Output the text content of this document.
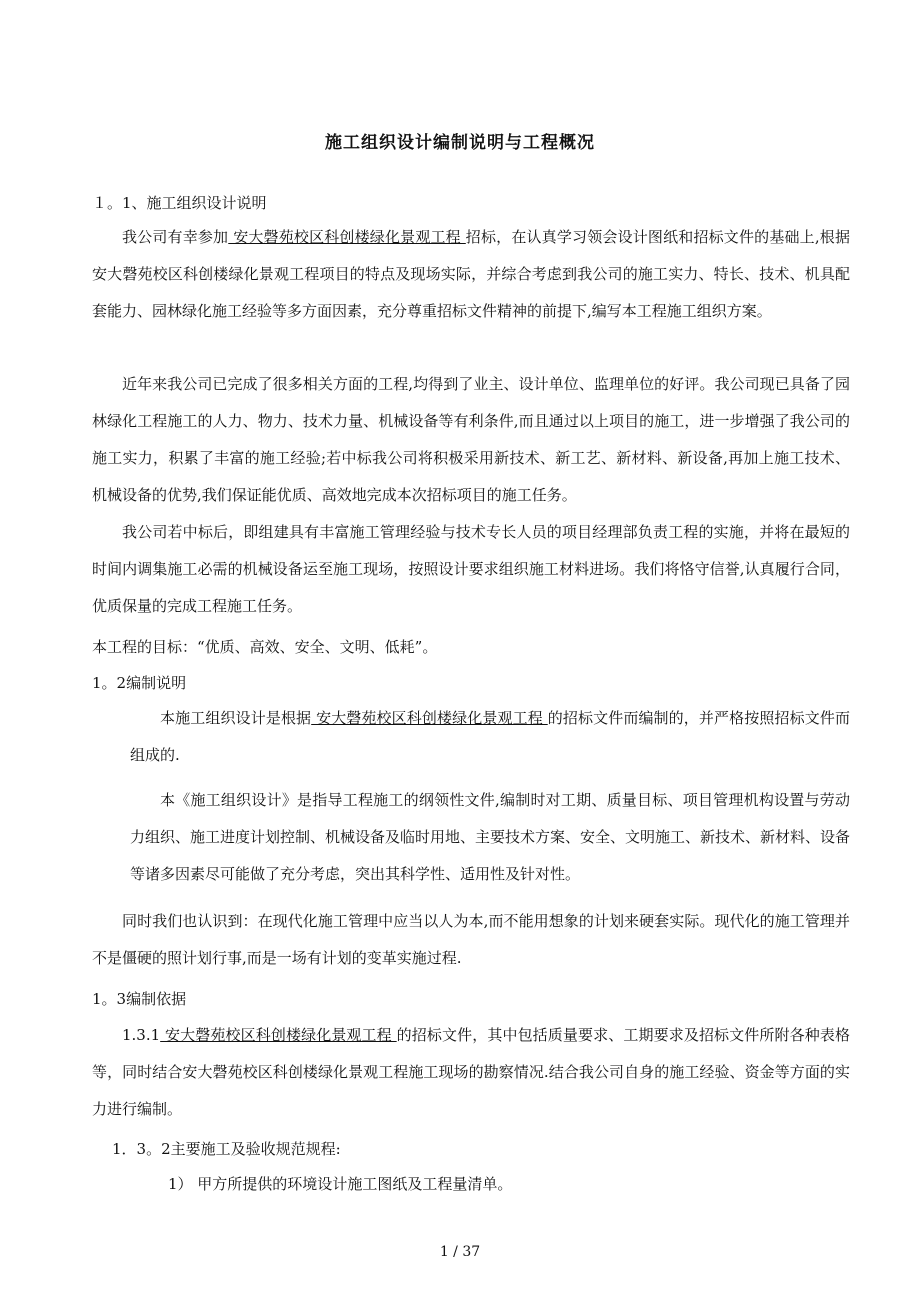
施工组织设计编制说明与工程概况
１。1、施工组织设计说明
我公司有幸参加 安大磬苑校区科创楼绿化景观工程 招标，在认真学习领会设计图纸和招标文件的基础上,根据安大磬苑校区科创楼绿化景观工程项目的特点及现场实际，并综合考虑到我公司的施工实力、特长、技术、机具配套能力、园林绿化施工经验等多方面因素，充分尊重招标文件精神的前提下,编写本工程施工组织方案。
近年来我公司已完成了很多相关方面的工程,均得到了业主、设计单位、监理单位的好评。我公司现已具备了园林绿化工程施工的人力、物力、技术力量、机械设备等有利条件,而且通过以上项目的施工，进一步增强了我公司的施工实力，积累了丰富的施工经验;若中标我公司将积极采用新技术、新工艺、新材料、新设备,再加上施工技术、机械设备的优势,我们保证能优质、高效地完成本次招标项目的施工任务。
我公司若中标后，即组建具有丰富施工管理经验与技术专长人员的项目经理部负责工程的实施，并将在最短的时间内调集施工必需的机械设备运至施工现场，按照设计要求组织施工材料进场。我们将恪守信誉,认真履行合同，优质保量的完成工程施工任务。
本工程的目标：“优质、高效、安全、文明、低耗”。
1。2编制说明
本施工组织设计是根据 安大磬苑校区科创楼绿化景观工程 的招标文件而编制的，并严格按照招标文件而组成的.
本《施工组织设计》是指导工程施工的纲领性文件,编制时对工期、质量目标、项目管理机构设置与劳动力组织、施工进度计划控制、机械设备及临时用地、主要技术方案、安全、文明施工、新技术、新材料、设备等诸多因素尽可能做了充分考虑，突出其科学性、适用性及针对性。
同时我们也认识到：在现代化施工管理中应当以人为本,而不能用想象的计划来硬套实际。现代化的施工管理并不是僵硬的照计划行事,而是一场有计划的变革实施过程.
1。3编制依据
1.3.1 安大磬苑校区科创楼绿化景观工程 的招标文件，其中包括质量要求、工期要求及招标文件所附各种表格等，同时结合安大磬苑校区科创楼绿化景观工程施工现场的勘察情况.结合我公司自身的施工经验、资金等方面的实力进行编制。
1．3。2主要施工及验收规范规程:
1） 甲方所提供的环境设计施工图纸及工程量清单。
1 / 37
